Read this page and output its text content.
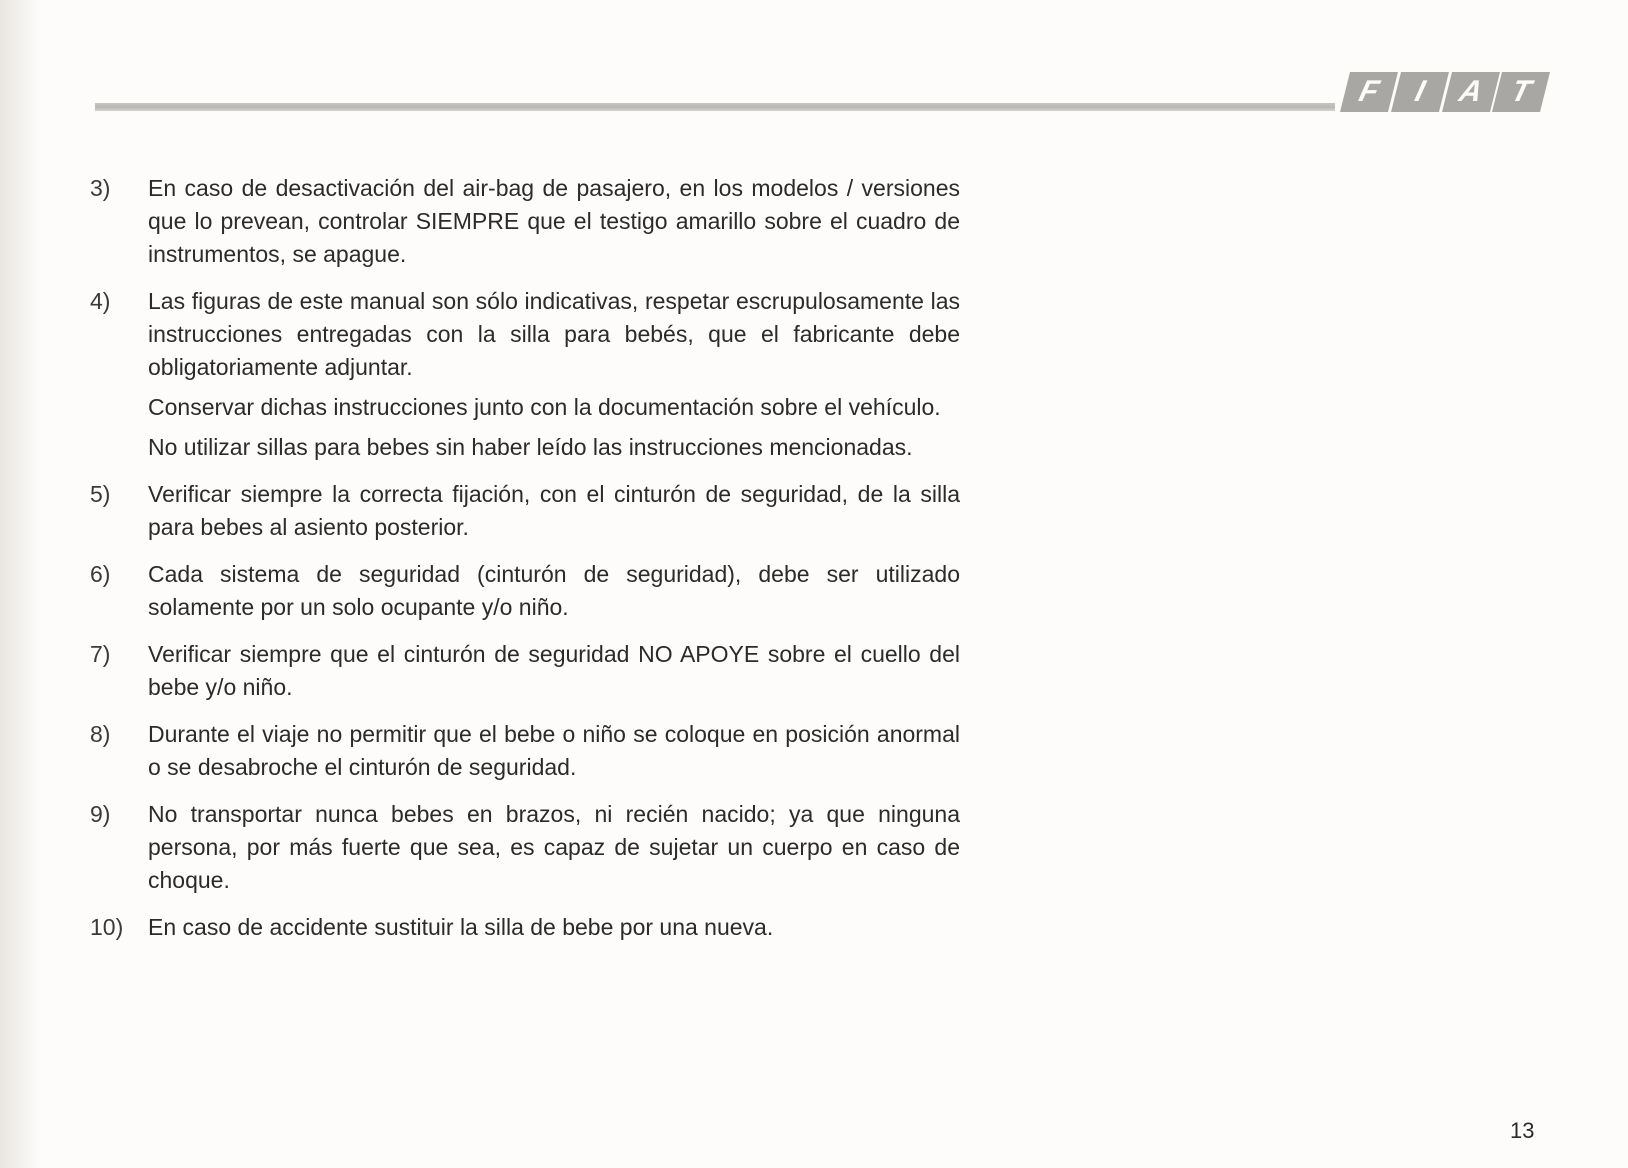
F I A T
3)	En caso de desactivación del air-bag de pasajero, en los modelos / versiones que lo prevean, controlar SIEMPRE que el testigo amarillo sobre el cuadro de instrumentos, se apague.

4)	Las figuras de este manual son sólo indicativas, respetar escrupulosamente las instrucciones entregadas con la silla para bebés, que el fabricante debe obligatoriamente adjuntar.

Conservar dichas instrucciones junto con la documentación sobre el vehículo.

No utilizar sillas para bebes sin haber leído las instrucciones mencionadas.

5)	Verificar siempre la correcta fijación, con el cinturón de seguridad, de la silla para bebes al asiento posterior.

6)	Cada sistema de seguridad (cinturón de seguridad), debe ser utilizado solamente por un solo ocupante y/o niño.

7)	Verificar siempre que el cinturón de seguridad NO APOYE sobre el cuello del bebe y/o niño.

8)	Durante el viaje no permitir que el bebe o niño se coloque en posición anormal o se desabroche el cinturón de seguridad.

9)	No transportar nunca bebes en brazos, ni recién nacido; ya que ninguna persona, por más fuerte que sea, es capaz de sujetar un cuerpo en caso de choque.

10)	En caso de accidente sustituir la silla de bebe por una nueva.

13
